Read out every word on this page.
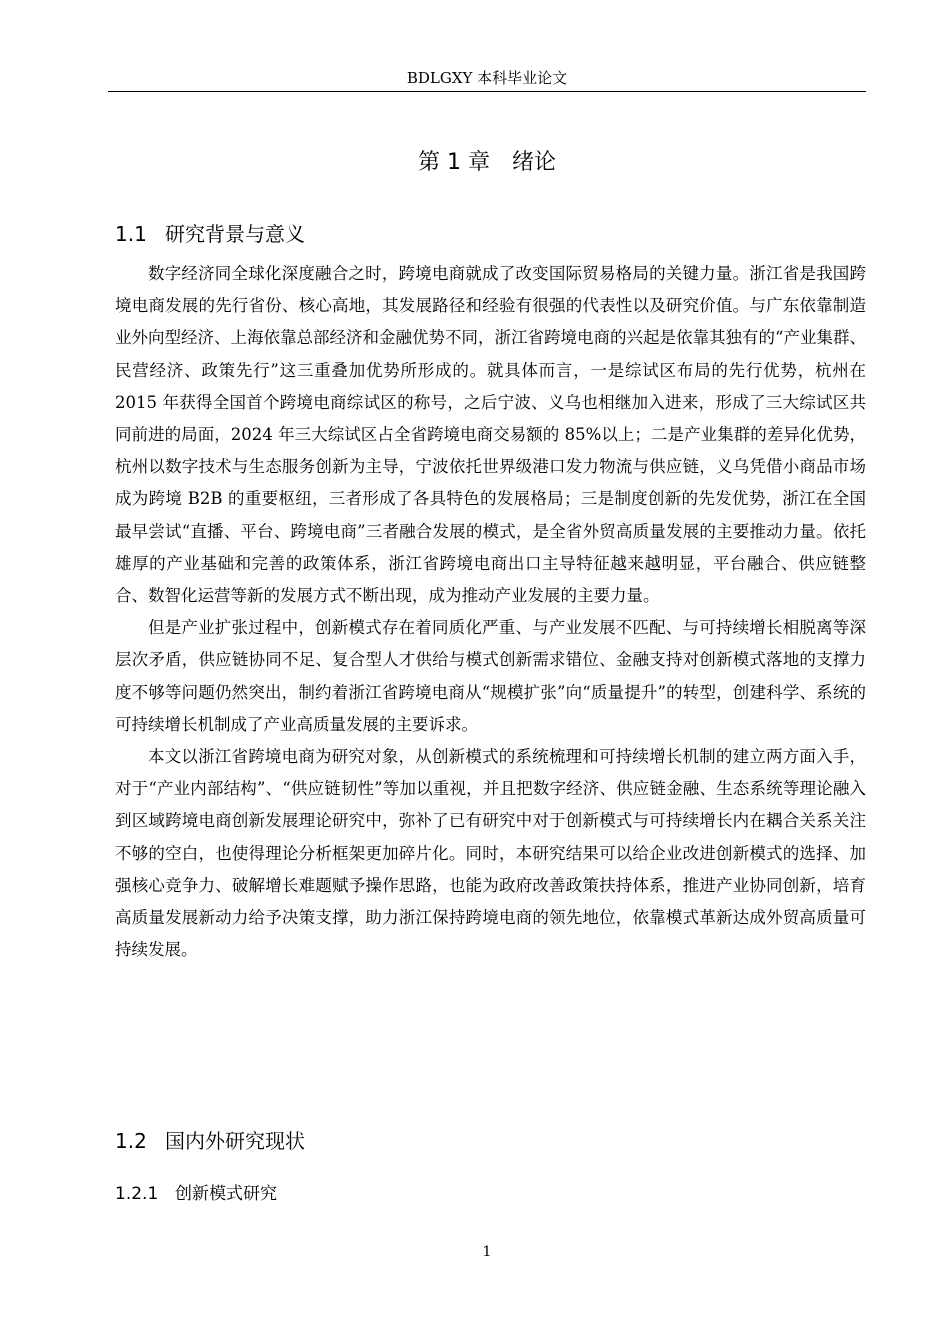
BDLGXY 本科毕业论文
第 1 章 绪论
1.1 研究背景与意义

数字经济同全球化深度融合之时，跨境电商就成了改变国际贸易格局的关键力量。浙江省是我国跨境电商发展的先行省份、核心高地，其发展路径和经验有很强的代表性以及研究价值。与广东依靠制造业外向型经济、上海依靠总部经济和金融优势不同，浙江省跨境电商的兴起是依靠其独有的“产业集群、民营经济、政策先行”这三重叠加优势所形成的。就具体而言，一是综试区布局的先行优势，杭州在 2015 年获得全国首个跨境电商综试区的称号，之后宁波、义乌也相继加入进来，形成了三大综试区共同前进的局面，2024 年三大综试区占全省跨境电商交易额的 85%以上；二是产业集群的差异化优势，杭州以数字技术与生态服务创新为主导，宁波依托世界级港口发力物流与供应链，义乌凭借小商品市场成为跨境 B2B 的重要枢纽，三者形成了各具特色的发展格局；三是制度创新的先发优势，浙江在全国最早尝试“直播、平台、跨境电商”三者融合发展的模式，是全省外贸高质量发展的主要推动力量。依托雄厚的产业基础和完善的政策体系，浙江省跨境电商出口主导特征越来越明显，平台融合、供应链整合、数智化运营等新的发展方式不断出现，成为推动产业发展的主要力量。

但是产业扩张过程中，创新模式存在着同质化严重、与产业发展不匹配、与可持续增长相脱离等深层次矛盾，供应链协同不足、复合型人才供给与模式创新需求错位、金融支持对创新模式落地的支撑力度不够等问题仍然突出，制约着浙江省跨境电商从“规模扩张”向“质量提升”的转型，创建科学、系统的可持续增长机制成了产业高质量发展的主要诉求。

本文以浙江省跨境电商为研究对象，从创新模式的系统梳理和可持续增长机制的建立两方面入手，对于“产业内部结构”、“供应链韧性”等加以重视，并且把数字经济、供应链金融、生态系统等理论融入到区域跨境电商创新发展理论研究中，弥补了已有研究中对于创新模式与可持续增长内在耦合关系关注不够的空白，也使得理论分析框架更加碎片化。同时，本研究结果可以给企业改进创新模式的选择、加强核心竞争力、破解增长难题赋予操作思路，也能为政府改善政策扶持体系，推进产业协同创新，培育高质量发展新动力给予决策支撑，助力浙江保持跨境电商的领先地位，依靠模式革新达成外贸高质量可持续发展。

1.2 国内外研究现状
1.2.1 创新模式研究
1
